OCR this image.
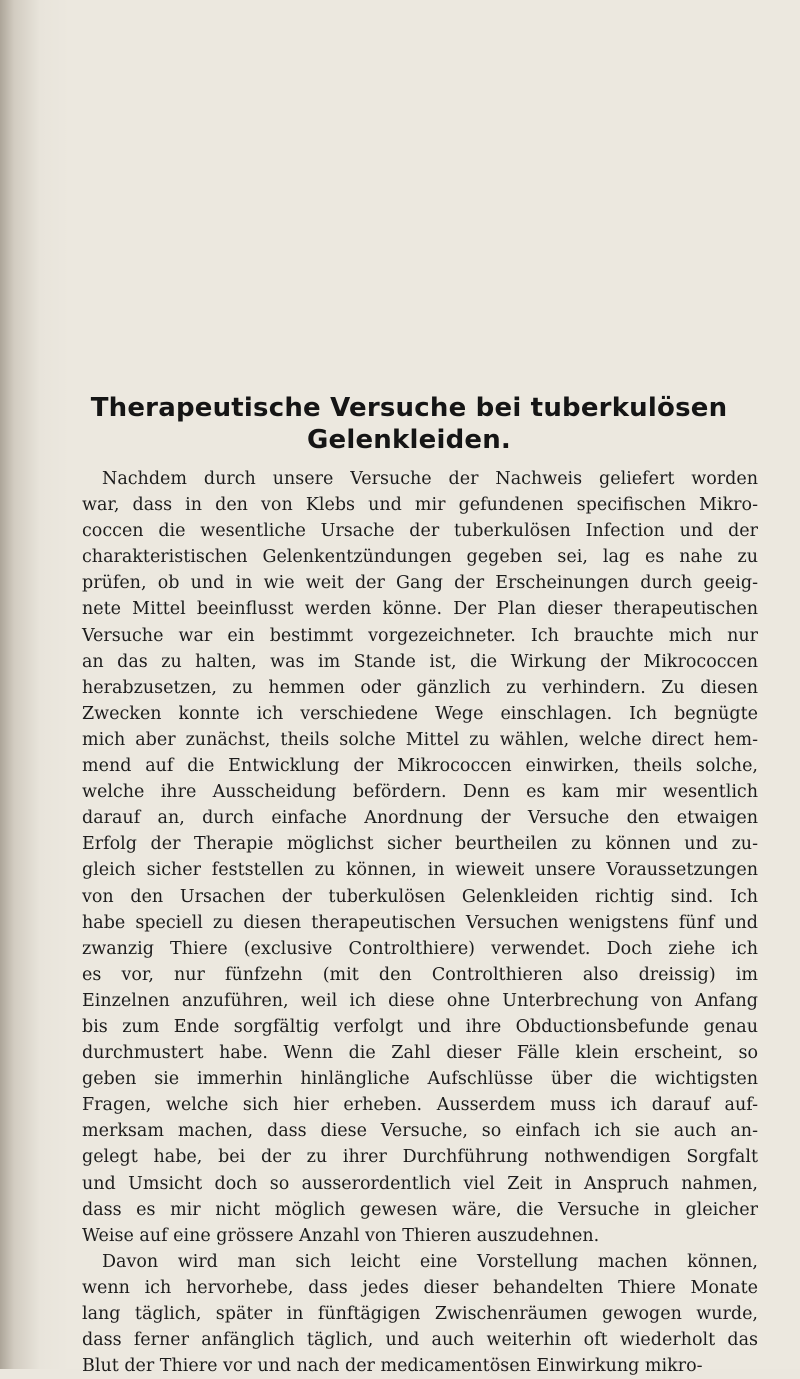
Therapeutische Versuche bei tuberkulösen
Gelenkleiden.
Nachdem durch unsere Versuche der Nachweis geliefert worden
war, dass in den von Klebs und mir gefundenen specifischen Mikro-
coccen die wesentliche Ursache der tuberkulösen Infection und der
charakteristischen Gelenkentzündungen gegeben sei, lag es nahe zu
prüfen, ob und in wie weit der Gang der Erscheinungen durch geeig-
nete Mittel beeinflusst werden könne. Der Plan dieser therapeutischen
Versuche war ein bestimmt vorgezeichneter. Ich brauchte mich nur
an das zu halten, was im Stande ist, die Wirkung der Mikrococcen
herabzusetzen, zu hemmen oder gänzlich zu verhindern. Zu diesen
Zwecken konnte ich verschiedene Wege einschlagen. Ich begnügte
mich aber zunächst, theils solche Mittel zu wählen, welche direct hem-
mend auf die Entwicklung der Mikrococcen einwirken, theils solche,
welche ihre Ausscheidung befördern. Denn es kam mir wesentlich
darauf an, durch einfache Anordnung der Versuche den etwaigen
Erfolg der Therapie möglichst sicher beurtheilen zu können und zu-
gleich sicher feststellen zu können, in wieweit unsere Voraussetzungen
von den Ursachen der tuberkulösen Gelenkleiden richtig sind. Ich
habe speciell zu diesen therapeutischen Versuchen wenigstens fünf und
zwanzig Thiere (exclusive Controlthiere) verwendet. Doch ziehe ich
es vor, nur fünfzehn (mit den Controlthieren also dreissig) im
Einzelnen anzuführen, weil ich diese ohne Unterbrechung von Anfang
bis zum Ende sorgfältig verfolgt und ihre Obductionsbefunde genau
durchmustert habe. Wenn die Zahl dieser Fälle klein erscheint, so
geben sie immerhin hinlängliche Aufschlüsse über die wichtigsten
Fragen, welche sich hier erheben. Ausserdem muss ich darauf auf-
merksam machen, dass diese Versuche, so einfach ich sie auch an-
gelegt habe, bei der zu ihrer Durchführung nothwendigen Sorgfalt
und Umsicht doch so ausserordentlich viel Zeit in Anspruch nahmen,
dass es mir nicht möglich gewesen wäre, die Versuche in gleicher
Weise auf eine grössere Anzahl von Thieren auszudehnen.
Davon wird man sich leicht eine Vorstellung machen können,
wenn ich hervorhebe, dass jedes dieser behandelten Thiere Monate
lang täglich, später in fünftägigen Zwischenräumen gewogen wurde,
dass ferner anfänglich täglich, und auch weiterhin oft wiederholt das
Blut der Thiere vor und nach der medicamentösen Einwirkung mikro-
